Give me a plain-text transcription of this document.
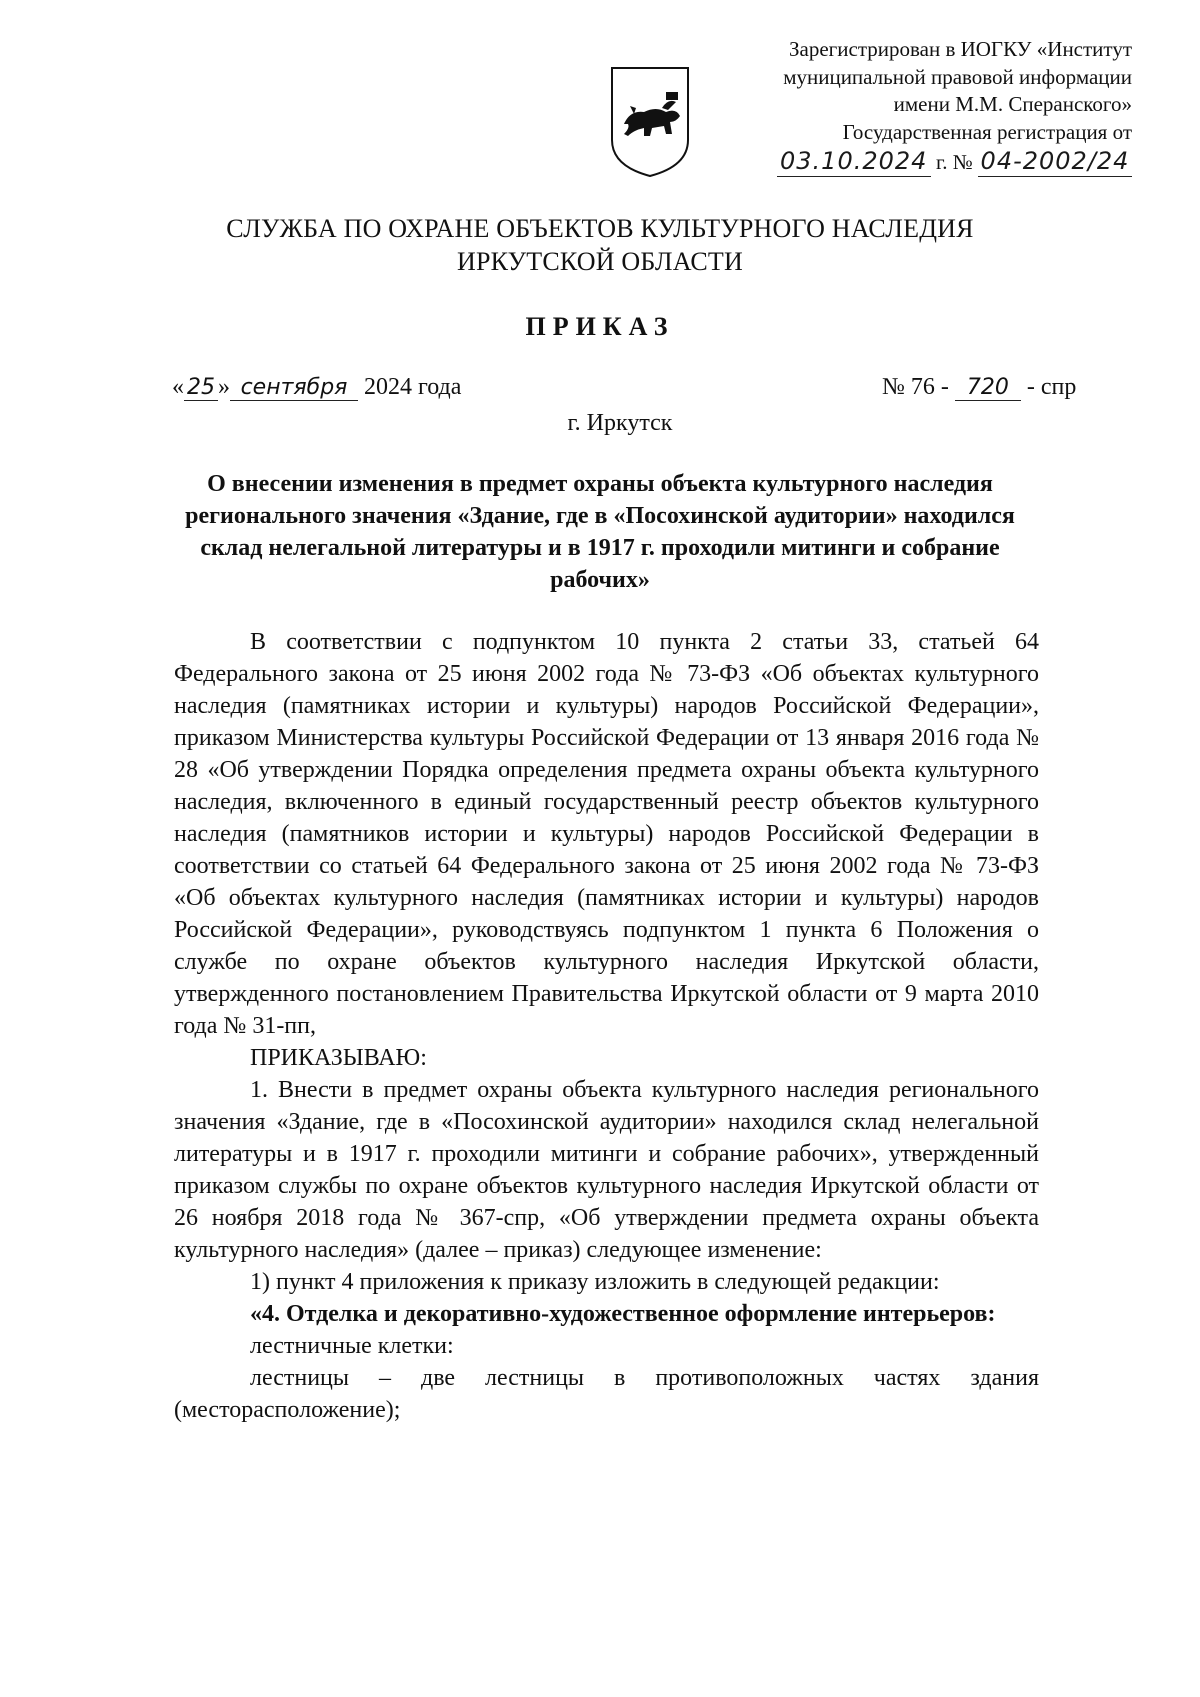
Зарегистрирован в ИОГКУ «Институт
муниципальной правовой информации
имени М.М. Сперанского»
Государственная регистрация от
03.10.2024 г. № 04-2002/24
СЛУЖБА ПО ОХРАНЕ ОБЪЕКТОВ КУЛЬТУРНОГО НАСЛЕДИЯ
ИРКУТСКОЙ ОБЛАСТИ
ПРИКАЗ
« 25 » сентября 2024 года	№ 76 - 720 - спр
г. Иркутск
О внесении изменения в предмет охраны объекта культурного наследия регионального значения «Здание, где в «Посохинской аудитории» находился склад нелегальной литературы и в 1917 г. проходили митинги и собрание рабочих»

В соответствии с подпунктом 10 пункта 2 статьи 33, статьей 64 Федерального закона от 25 июня 2002 года № 73-ФЗ «Об объектах культурного наследия (памятниках истории и культуры) народов Российской Федерации», приказом Министерства культуры Российской Федерации от 13 января 2016 года № 28 «Об утверждении Порядка определения предмета охраны объекта культурного наследия, включенного в единый государственный реестр объектов культурного наследия (памятников истории и культуры) народов Российской Федерации в соответствии со статьей 64 Федерального закона от 25 июня 2002 года № 73-ФЗ «Об объектах культурного наследия (памятниках истории и культуры) народов Российской Федерации», руководствуясь подпунктом 1 пункта 6 Положения о службе по охране объектов культурного наследия Иркутской области, утвержденного постановлением Правительства Иркутской области от 9 марта 2010 года № 31-пп,

ПРИКАЗЫВАЮ:

1. Внести в предмет охраны объекта культурного наследия регионального значения «Здание, где в «Посохинской аудитории» находился склад нелегальной литературы и в 1917 г. проходили митинги и собрание рабочих», утвержденный приказом службы по охране объектов культурного наследия Иркутской области от 26 ноября 2018 года № 367-спр, «Об утверждении предмета охраны объекта культурного наследия» (далее – приказ) следующее изменение:

1) пункт 4 приложения к приказу изложить в следующей редакции:

«4. Отделка и декоративно-художественное оформление интерьеров:

лестничные клетки:

лестницы – две лестницы в противоположных частях здания (месторасположение);
